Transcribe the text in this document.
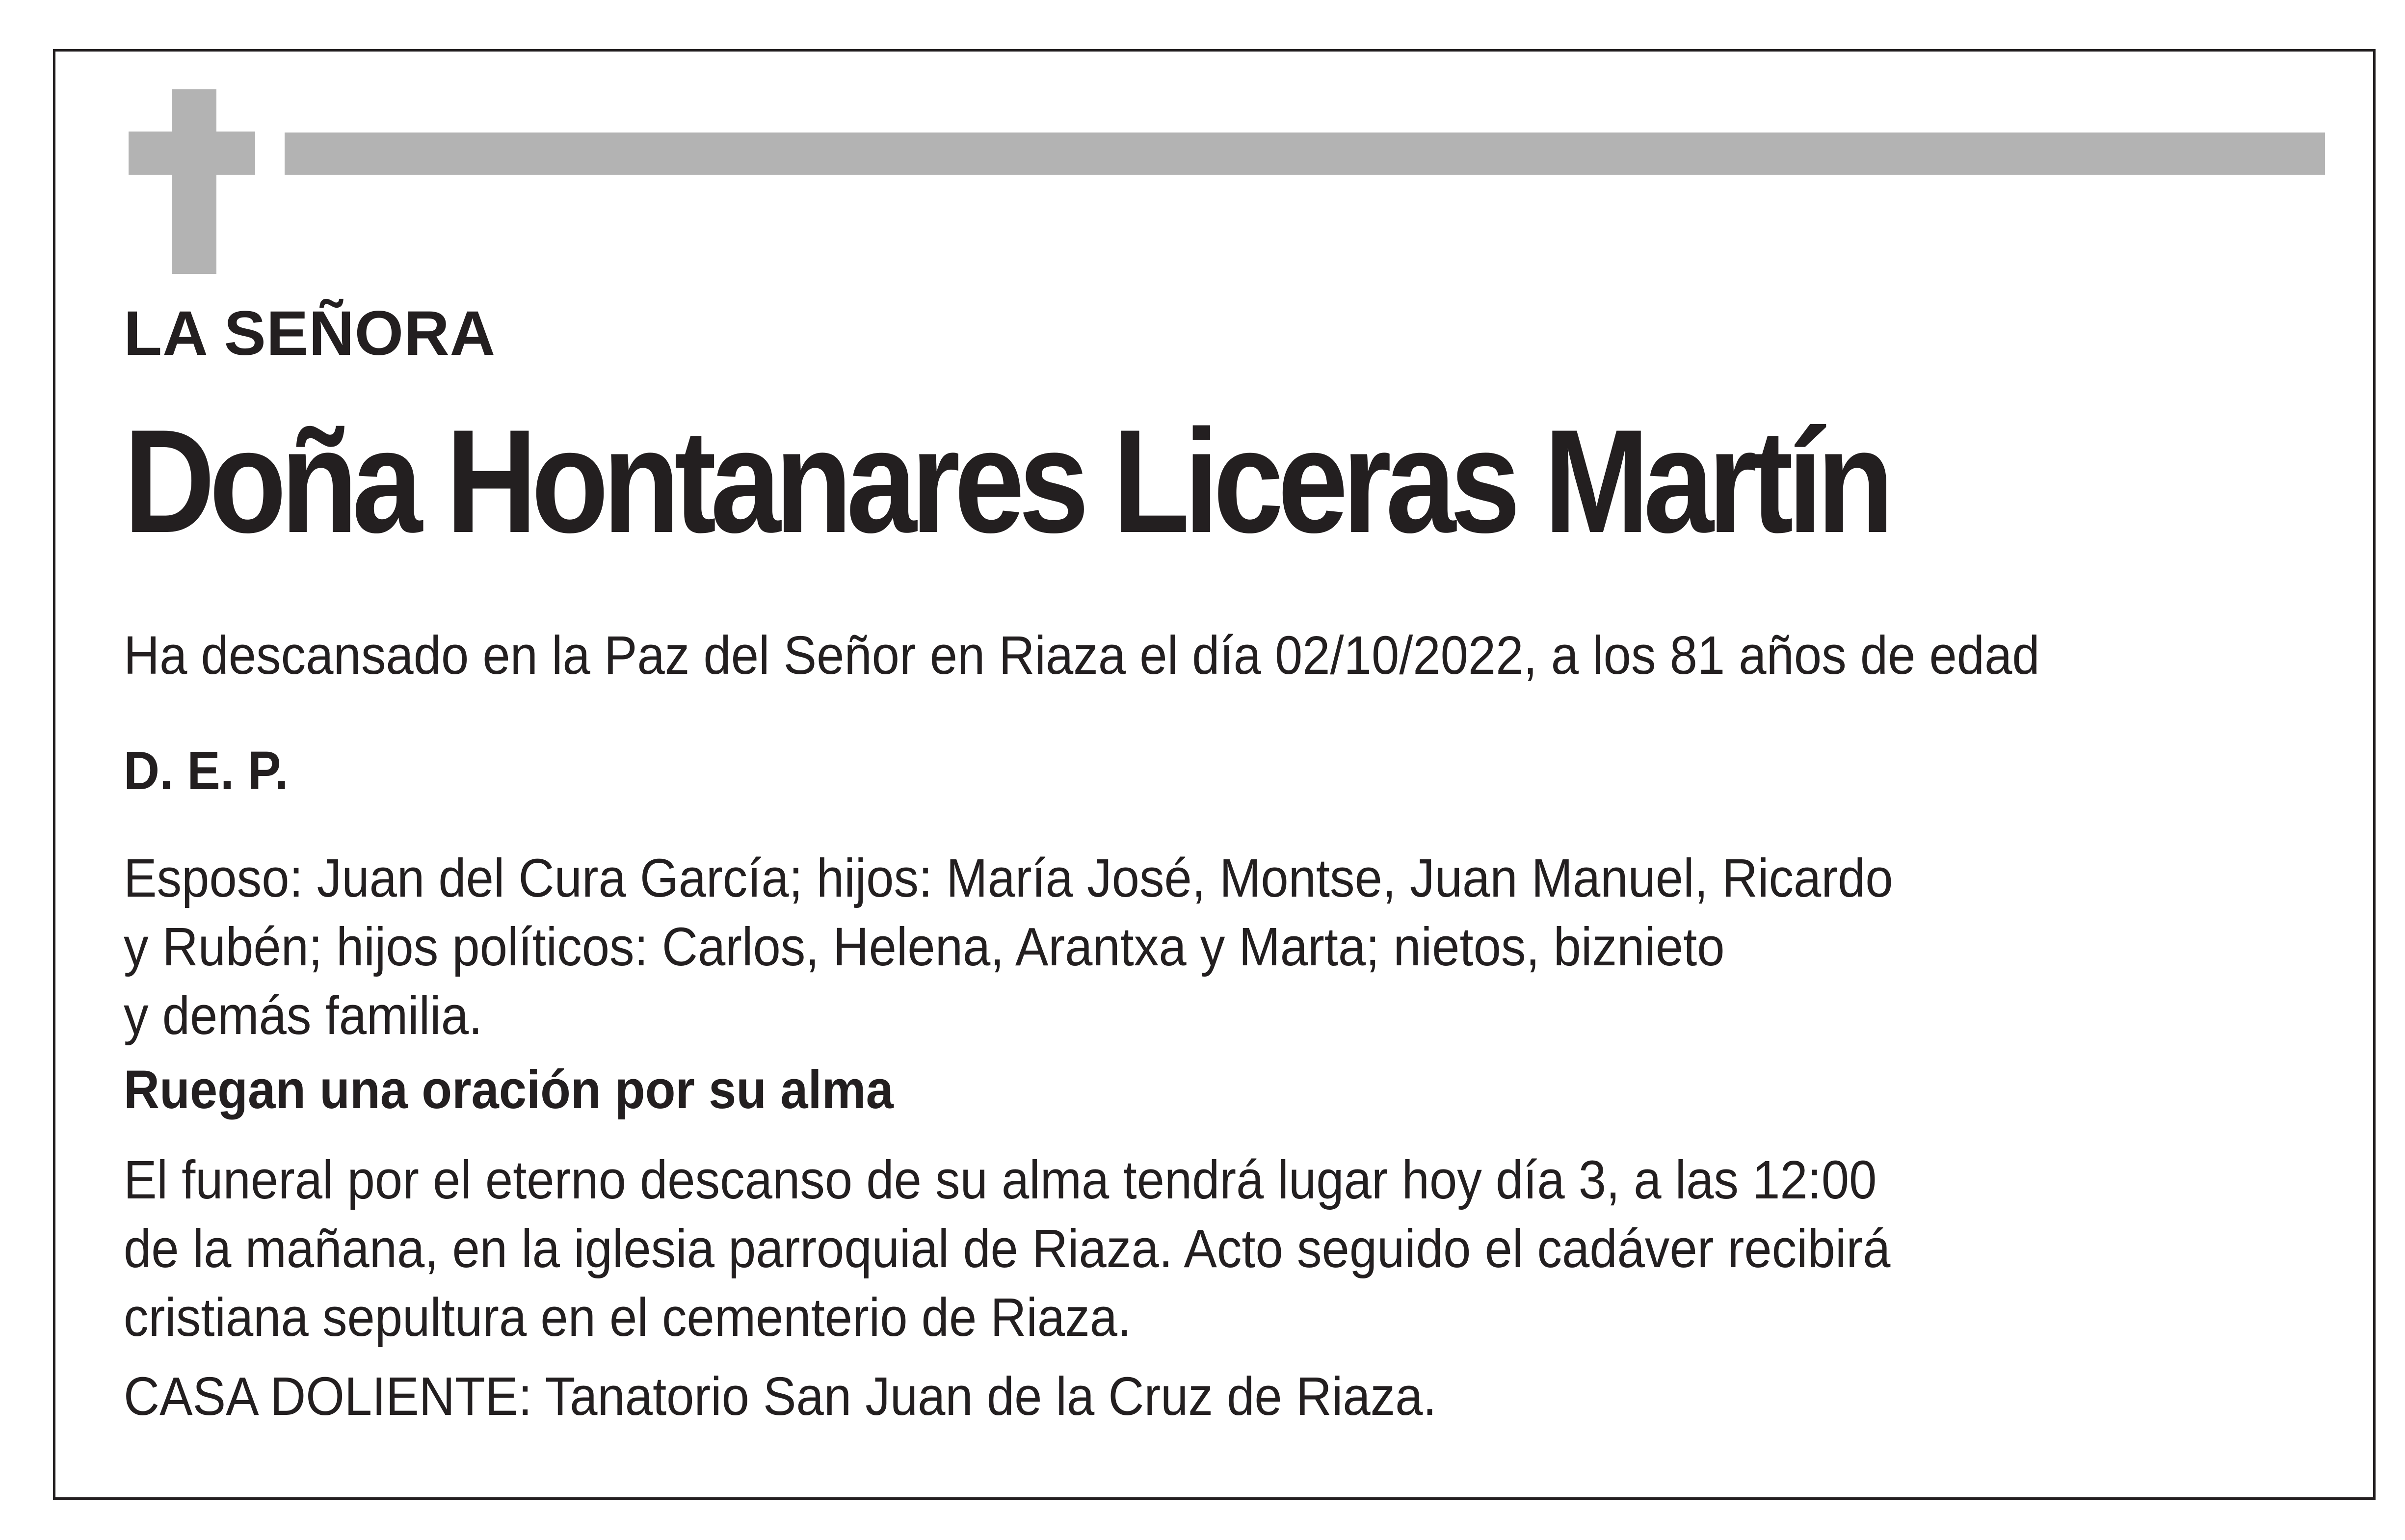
LA SEÑORA

Doña Hontanares Liceras Martín

Ha descansado en la Paz del Señor en Riaza el día 02/10/2022, a los 81 años de edad

D. E. P.

Esposo: Juan del Cura García; hijos: María José, Montse, Juan Manuel, Ricardo
y Rubén; hijos políticos: Carlos, Helena, Arantxa y Marta; nietos, biznieto
y demás familia.

Ruegan una oración por su alma

El funeral por el eterno descanso de su alma tendrá lugar hoy día 3, a las 12:00
de la mañana, en la iglesia parroquial de Riaza. Acto seguido el cadáver recibirá
cristiana sepultura en el cementerio de Riaza.

CASA DOLIENTE: Tanatorio San Juan de la Cruz de Riaza.
